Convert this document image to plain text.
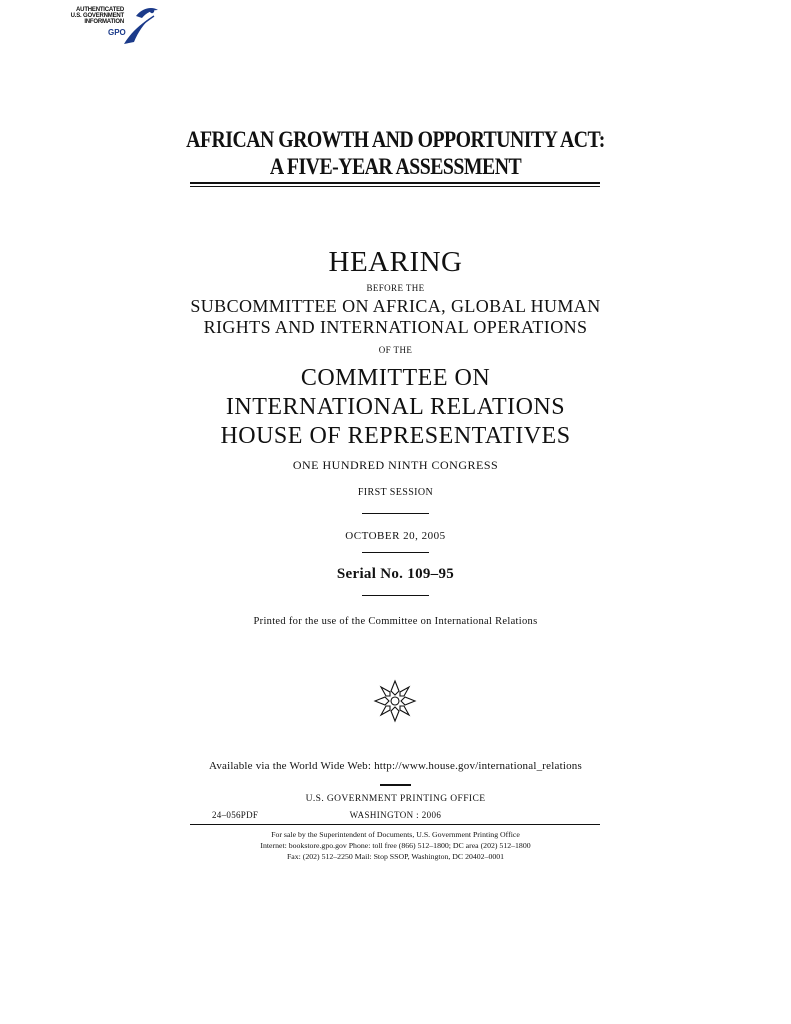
AUTHENTICATED
U.S. GOVERNMENT
INFORMATION
GPO
AFRICAN GROWTH AND OPPORTUNITY ACT:
A FIVE-YEAR ASSESSMENT
HEARING
BEFORE THE
SUBCOMMITTEE ON AFRICA, GLOBAL HUMAN
RIGHTS AND INTERNATIONAL OPERATIONS
OF THE
COMMITTEE ON
INTERNATIONAL RELATIONS
HOUSE OF REPRESENTATIVES
ONE HUNDRED NINTH CONGRESS
FIRST SESSION
OCTOBER 20, 2005
Serial No. 109–95
Printed for the use of the Committee on International Relations
Available via the World Wide Web: http://www.house.gov/international_relations
U.S. GOVERNMENT PRINTING OFFICE
24–056PDF	WASHINGTON : 2006
For sale by the Superintendent of Documents, U.S. Government Printing Office
Internet: bookstore.gpo.gov Phone: toll free (866) 512–1800; DC area (202) 512–1800
Fax: (202) 512–2250 Mail: Stop SSOP, Washington, DC 20402–0001
